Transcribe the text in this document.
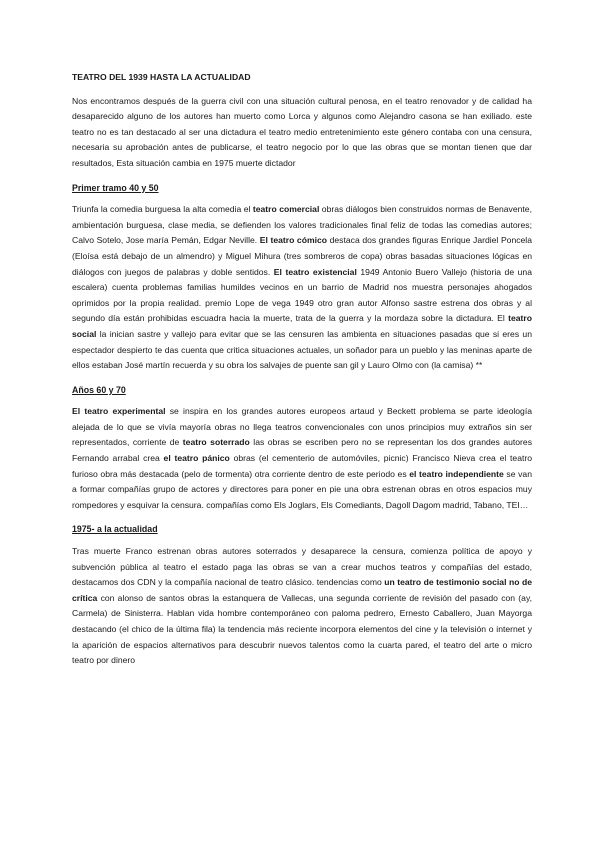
TEATRO DEL 1939 HASTA LA ACTUALIDAD

Nos encontramos después de la guerra civil con una situación cultural penosa, en el teatro renovador y de calidad ha desaparecido alguno de los autores han muerto como Lorca y algunos como Alejandro casona se han exiliado. este teatro no es tan destacado al ser una dictadura el teatro medio entretenimiento este género contaba con una censura, necesaria su aprobación antes de publicarse, el teatro negocio por lo que las obras que se montan tienen que dar resultados, Esta situación cambia en 1975 muerte dictador

Primer tramo 40 y 50

Triunfa la comedia burguesa la alta comedia el teatro comercial obras diálogos bien construidos normas de Benavente, ambientación burguesa, clase media, se defienden los valores tradicionales final feliz de todas las comedias autores; Calvo Sotelo, Jose maría Pemán, Edgar Neville. El teatro cómico destaca dos grandes figuras Enrique Jardiel Poncela (Eloísa está debajo de un almendro) y Miguel Mihura (tres sombreros de copa) obras basadas situaciones lógicas en diálogos con juegos de palabras y doble sentidos. El teatro existencial 1949 Antonio Buero Vallejo (historia de una escalera) cuenta problemas familias humildes vecinos en un barrio de Madrid nos muestra personajes ahogados oprimidos por la propia realidad. premio Lope de vega 1949 otro gran autor Alfonso sastre estrena dos obras y al segundo día están prohibidas escuadra hacia la muerte, trata de la guerra y la mordaza sobre la dictadura. El teatro social la inician sastre y vallejo para evitar que se las censuren las ambienta en situaciones pasadas que si eres un espectador despierto te das cuenta que critica situaciones actuales, un soñador para un pueblo y las meninas aparte de ellos estaban José martín recuerda y su obra los salvajes de puente san gil y Lauro Olmo con (la camisa) **

Años 60 y 70

El teatro experimental se inspira en los grandes autores europeos artaud y Beckett problema se parte ideología alejada de lo que se vivía mayoría obras no llega teatros convencionales con unos principios muy extraños sin ser representados, corriente de teatro soterrado las obras se escriben pero no se representan los dos grandes autores Fernando arrabal crea el teatro pánico obras (el cementerio de automóviles, picnic) Francisco Nieva crea el teatro furioso obra más destacada (pelo de tormenta) otra corriente dentro de este periodo es el teatro independiente se van a formar compañías grupo de actores y directores para poner en pie una obra estrenan obras en otros espacios muy rompedores y esquivar la censura. compañías como Els Joglars, Els Comediants, Dagoll Dagom madrid, Tabano, TEI…

1975- a la actualidad

Tras muerte Franco estrenan obras autores soterrados y desaparece la censura, comienza política de apoyo y subvención pública al teatro el estado paga las obras se van a crear muchos teatros y compañías del estado, destacamos dos CDN y la compañía nacional de teatro clásico. tendencias como un teatro de testimonio social no de crítica con alonso de santos obras la estanquera de Vallecas, una segunda corriente de revisión del pasado con (ay, Carmela) de Sinisterra. Hablan vida hombre contemporáneo con paloma pedrero, Ernesto Caballero, Juan Mayorga destacando (el chico de la última fila) la tendencia más reciente incorpora elementos del cine y la televisión o internet y la aparición de espacios alternativos para descubrir nuevos talentos como la cuarta pared, el teatro del arte o micro teatro por dinero
